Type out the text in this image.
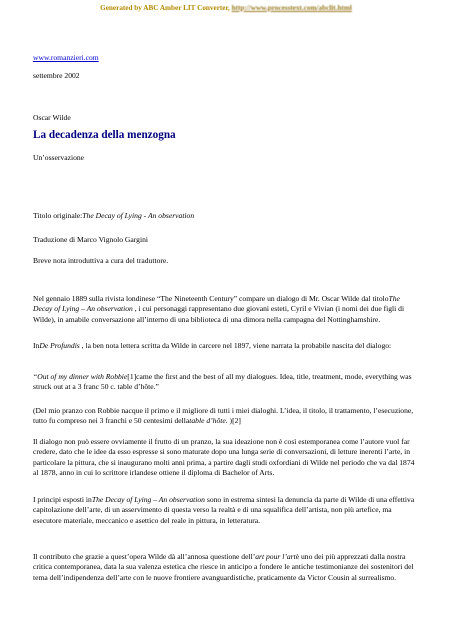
Generated by ABC Amber LIT Converter, http://www.processtext.com/abclit.html
www.romanzieri.com
settembre 2002
Oscar Wilde
La decadenza della menzogna
Un’osservazione
Titolo originale:The Decay of Lying - An observation
Traduzione di Marco Vignolo Gargini
Breve nota introduttiva a cura del traduttore.

Nel gennaio 1889 sulla rivista londinese “The Nineteenth Century” compare un dialogo di Mr. Oscar Wilde dal titoloThe Decay of Lying – An observation , i cui personaggi rappresentano due giovani esteti, Cyril e Vivian (i nomi dei due figli di Wilde), in amabile conversazione all’interno di una biblioteca di una dimora nella campagna del Nottinghamshire.

InDe Profundis , la ben nota lettera scritta da Wilde in carcere nel 1897, viene narrata la probabile nascita del dialogo:

“Out of my dinner with Robbie[1]came the first and the best of all my dialogues. Idea, title, treatment, mode, everything was struck out at a 3 franc 50 c. table d’hôte.”

(Del mio pranzo con Robbie nacque il primo e il migliore di tutti i miei dialoghi. L’idea, il titolo, il trattamento, l’esecuzione, tutto fu compreso nei 3 franchi e 50 centesimi dellatable d’hôte. )[2]

Il dialogo non può essere ovviamente il frutto di un pranzo, la sua ideazione non è così estemporanea come l’autore vuol far credere, dato che le idee da esso espresse si sono maturate dopo una lunga serie di conversazioni, di letture inerenti l’arte, in particolare la pittura, che si inaugurano molti anni prima, a partire dagli studi oxfordiani di Wilde nel periodo che va dal 1874 al 1878, anno in cui lo scrittore irlandese ottiene il diploma di Bachelor of Arts.

I principi esposti inThe Decay of Lying – An observation sono in estrema sintesi la denuncia da parte di Wilde di una effettiva capitolazione dell’arte, di un asservimento di questa verso la realtà e di una squalifica dell’artista, non più artefice, ma esecutore materiale, meccanico e asettico del reale in pittura, in letteratura.

Il contributo che grazie a quest’opera Wilde dà all’annosa questione dell’art pour l’artè uno dei più apprezzati dalla nostra critica contemporanea, data la sua valenza estetica che riesce in anticipo a fondere le antiche testimonianze dei sostenitori del tema dell’indipendenza dell’arte con le nuove frontiere avanguardistiche, praticamente da Victor Cousin al surrealismo.
